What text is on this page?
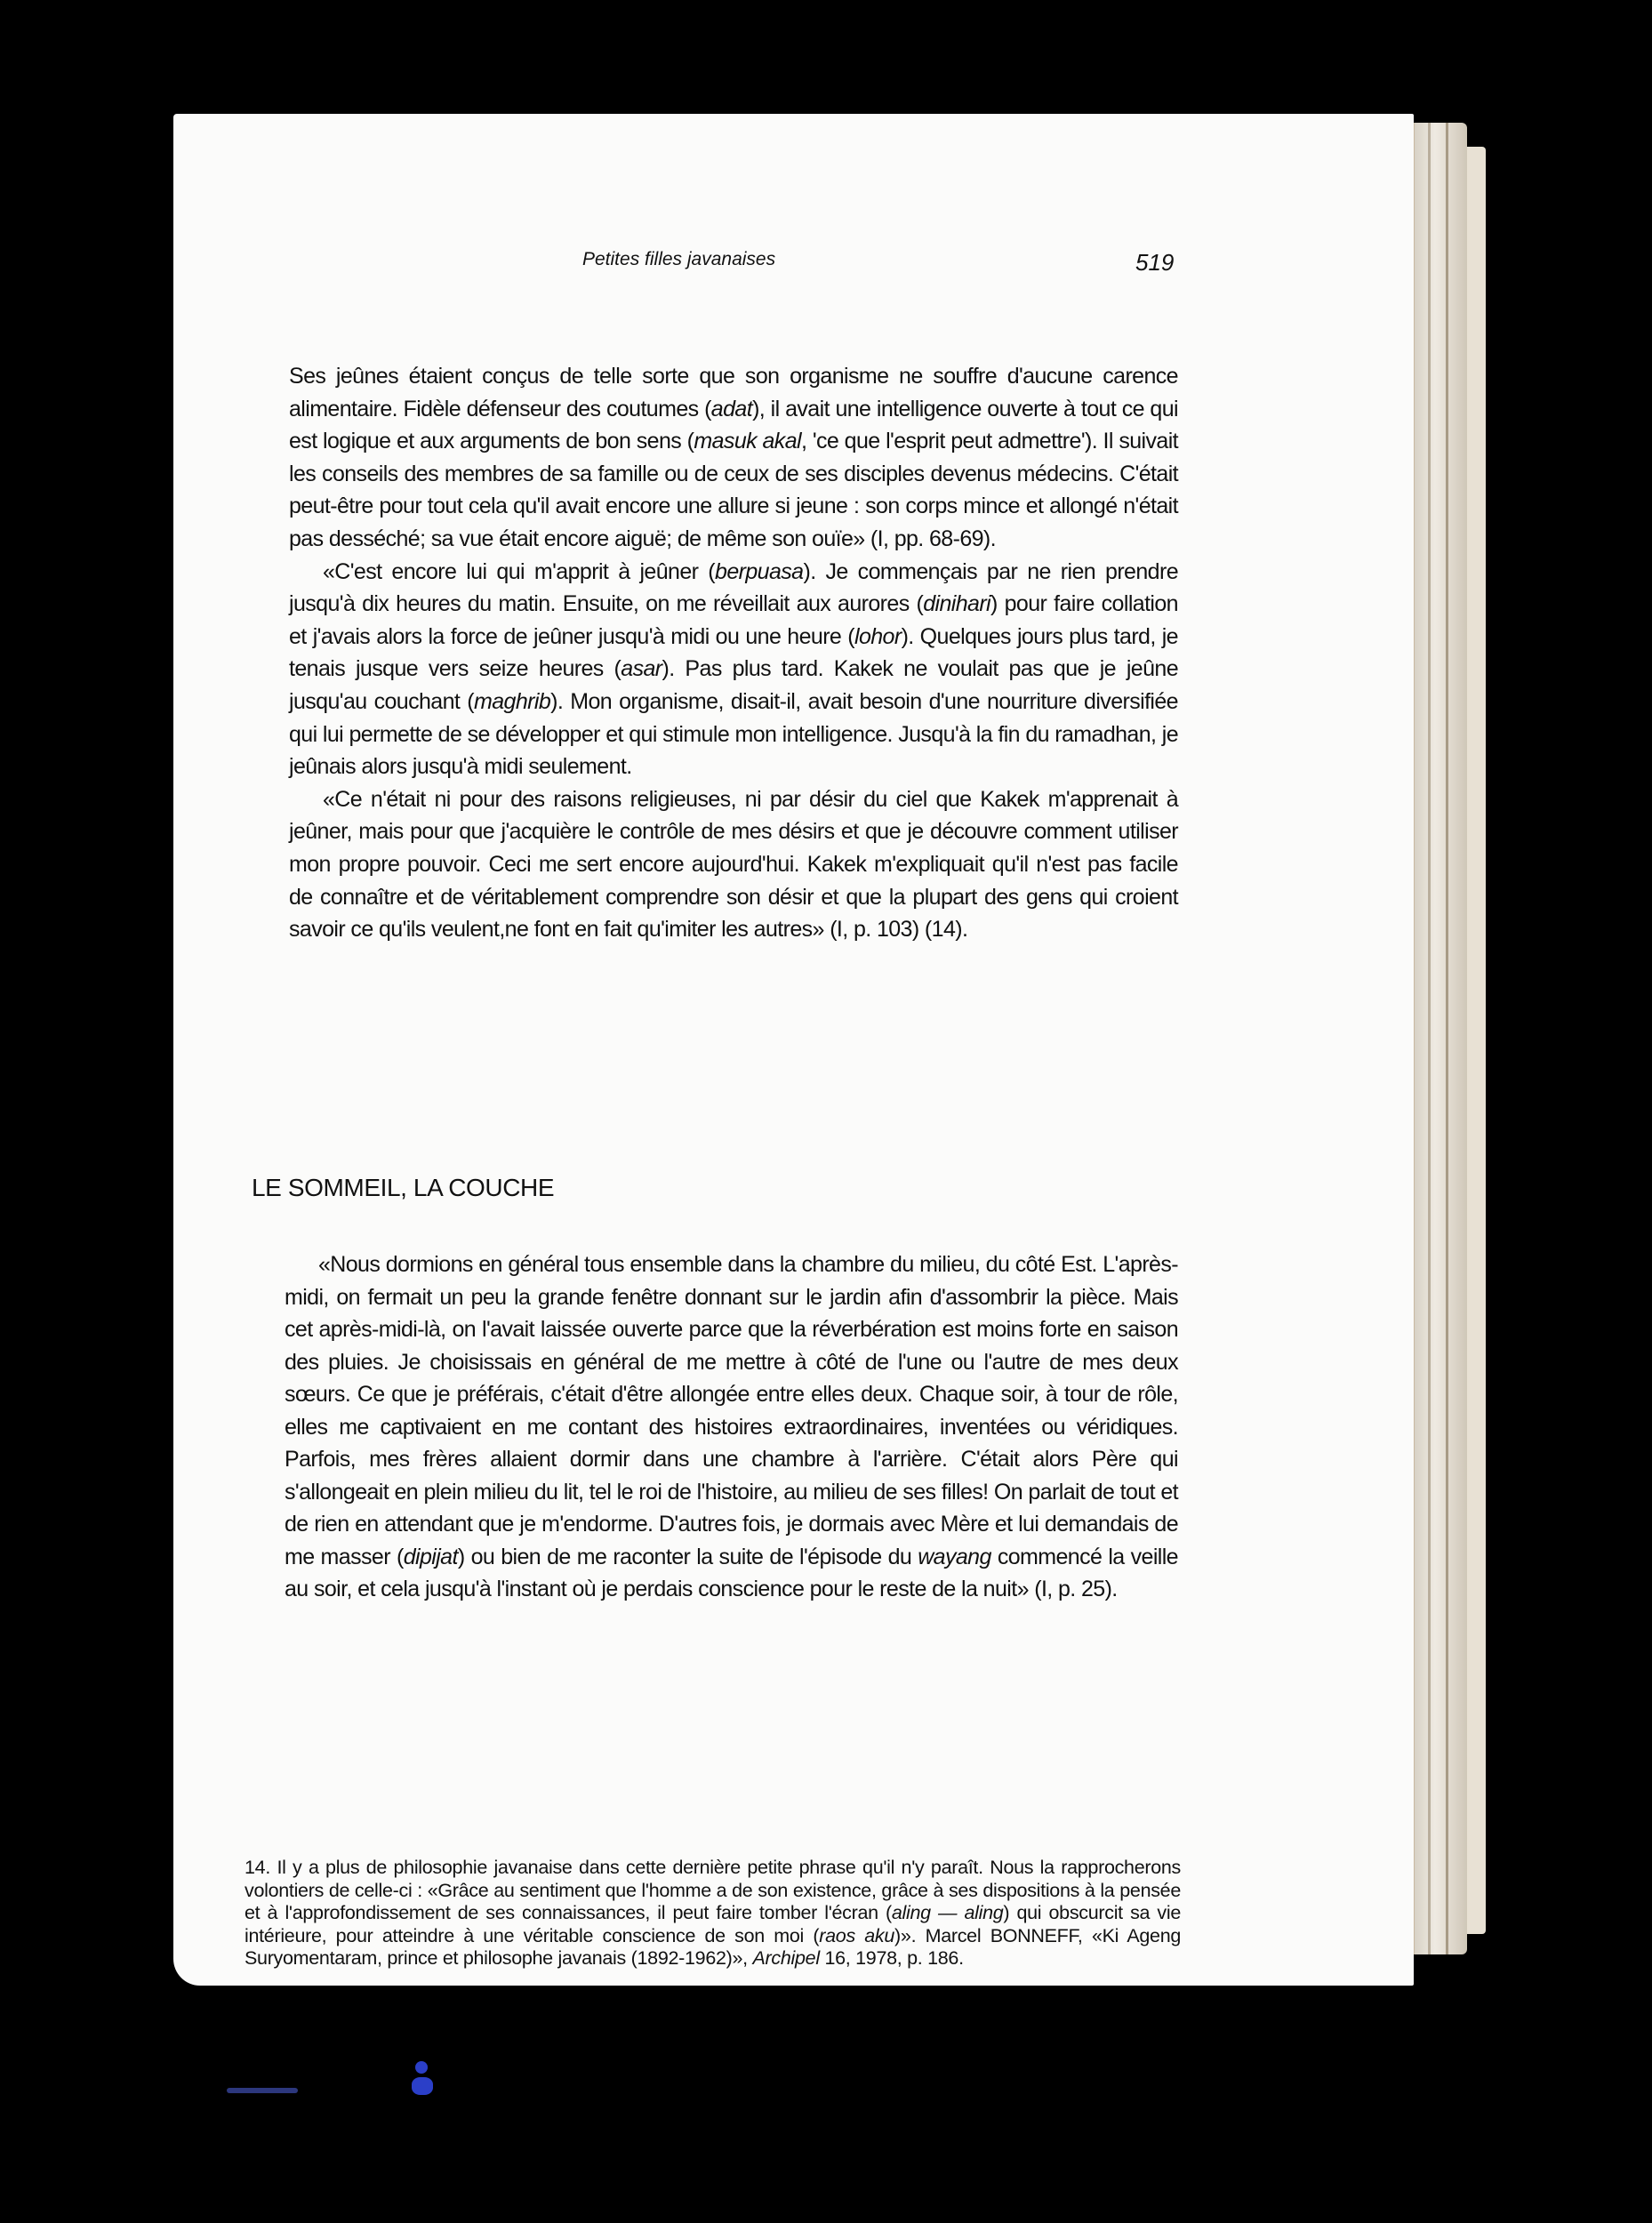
Petites filles javanaises	519

Ses jeûnes étaient conçus de telle sorte que son organisme ne souffre d'aucune carence alimentaire. Fidèle défenseur des coutumes (adat), il avait une intelligence ouverte à tout ce qui est logique et aux arguments de bon sens (masuk akal, 'ce que l'esprit peut admettre'). Il suivait les conseils des membres de sa famille ou de ceux de ses disciples devenus médecins. C'était peut-être pour tout cela qu'il avait encore une allure si jeune : son corps mince et allongé n'était pas desséché; sa vue était encore aiguë; de même son ouïe» (I, pp. 68-69).

«C'est encore lui qui m'apprit à jeûner (berpuasa). Je commençais par ne rien prendre jusqu'à dix heures du matin. Ensuite, on me réveillait aux aurores (dinihari) pour faire collation et j'avais alors la force de jeûner jusqu'à midi ou une heure (lohor). Quelques jours plus tard, je tenais jusque vers seize heures (asar). Pas plus tard. Kakek ne voulait pas que je jeûne jusqu'au couchant (maghrib). Mon organisme, disait-il, avait besoin d'une nourriture diversifiée qui lui permette de se développer et qui stimule mon intelligence. Jusqu'à la fin du ramadhan, je jeûnais alors jusqu'à midi seulement.

«Ce n'était ni pour des raisons religieuses, ni par désir du ciel que Kakek m'apprenait à jeûner, mais pour que j'acquière le contrôle de mes désirs et que je découvre comment utiliser mon propre pouvoir. Ceci me sert encore aujourd'hui. Kakek m'expliquait qu'il n'est pas facile de connaître et de véritablement comprendre son désir et que la plupart des gens qui croient savoir ce qu'ils veulent,ne font en fait qu'imiter les autres» (I, p. 103) (14).

LE SOMMEIL, LA COUCHE

«Nous dormions en général tous ensemble dans la chambre du milieu, du côté Est. L'après-midi, on fermait un peu la grande fenêtre donnant sur le jardin afin d'assombrir la pièce. Mais cet après-midi-là, on l'avait laissée ouverte parce que la réverbération est moins forte en saison des pluies. Je choisissais en général de me mettre à côté de l'une ou l'autre de mes deux sœurs. Ce que je préférais, c'était d'être allongée entre elles deux. Chaque soir, à tour de rôle, elles me captivaient en me contant des histoires extraordinaires, inventées ou véridiques. Parfois, mes frères allaient dormir dans une chambre à l'arrière. C'était alors Père qui s'allongeait en plein milieu du lit, tel le roi de l'histoire, au milieu de ses filles! On parlait de tout et de rien en attendant que je m'endorme. D'autres fois, je dormais avec Mère et lui demandais de me masser (dipijat) ou bien de me raconter la suite de l'épisode du wayang commencé la veille au soir, et cela jusqu'à l'instant où je perdais conscience pour le reste de la nuit» (I, p. 25).

14. Il y a plus de philosophie javanaise dans cette dernière petite phrase qu'il n'y paraît. Nous la rapprocherons volontiers de celle-ci : «Grâce au sentiment que l'homme a de son existence, grâce à ses dispositions à la pensée et à l'approfondissement de ses connaissances, il peut faire tomber l'écran (aling — aling) qui obscurcit sa vie intérieure, pour atteindre à une véritable conscience de son moi (raos aku)». Marcel BONNEFF, «Ki Ageng Suryomentaram, prince et philosophe javanais (1892-1962)», Archipel 16, 1978, p. 186.
